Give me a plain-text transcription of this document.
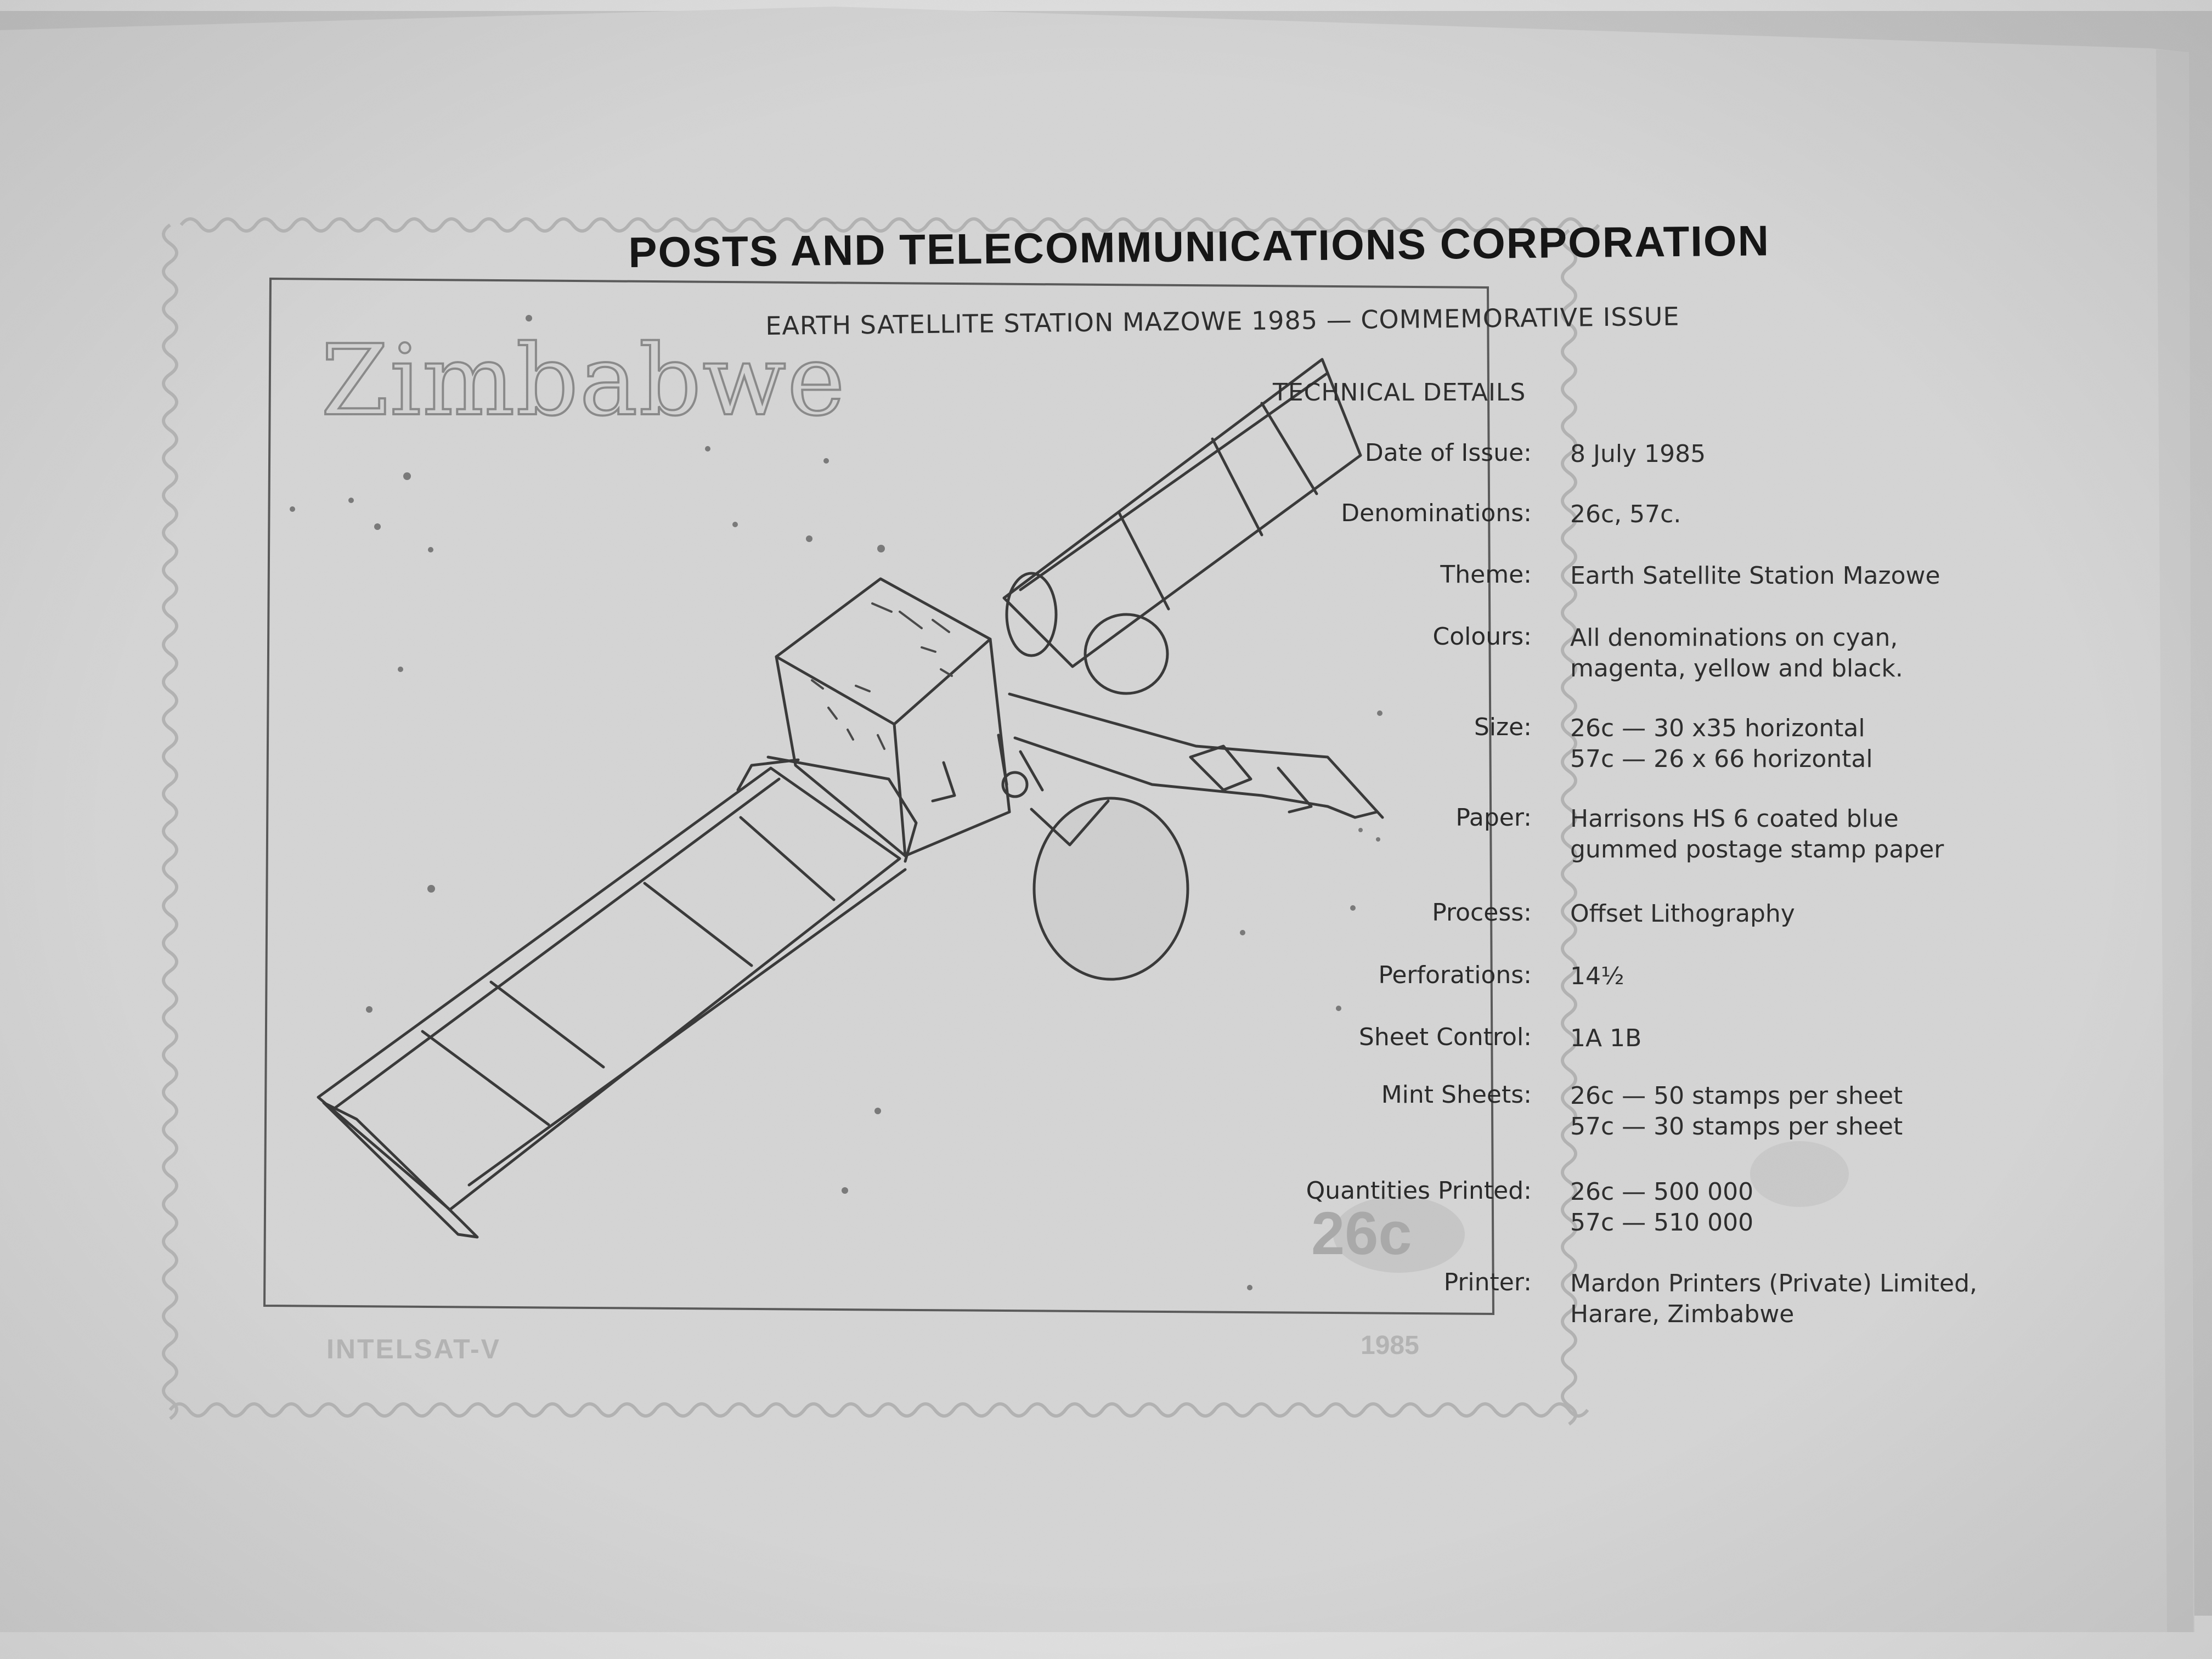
Zimbabwe
INTELSAT-V	1985
26c
POSTS AND TELECOMMUNICATIONS CORPORATION
EARTH SATELLITE STATION MAZOWE 1985 — COMMEMORATIVE ISSUE
TECHNICAL DETAILS
Date of Issue: 8 July 1985
Denominations: 26c, 57c.
Theme: Earth Satellite Station Mazowe
Colours: All denominations on cyan,
magenta, yellow and black.
Size: 26c — 30 x35 horizontal
57c — 26 x 66 horizontal
Paper: Harrisons HS 6 coated blue
gummed postage stamp paper
Process: Offset Lithography
Perforations: 14½
Sheet Control: 1A 1B
Mint Sheets: 26c — 50 stamps per sheet
57c — 30 stamps per sheet
Quantities Printed: 26c — 500 000
57c — 510 000
Printer: Mardon Printers (Private) Limited,
Harare, Zimbabwe
